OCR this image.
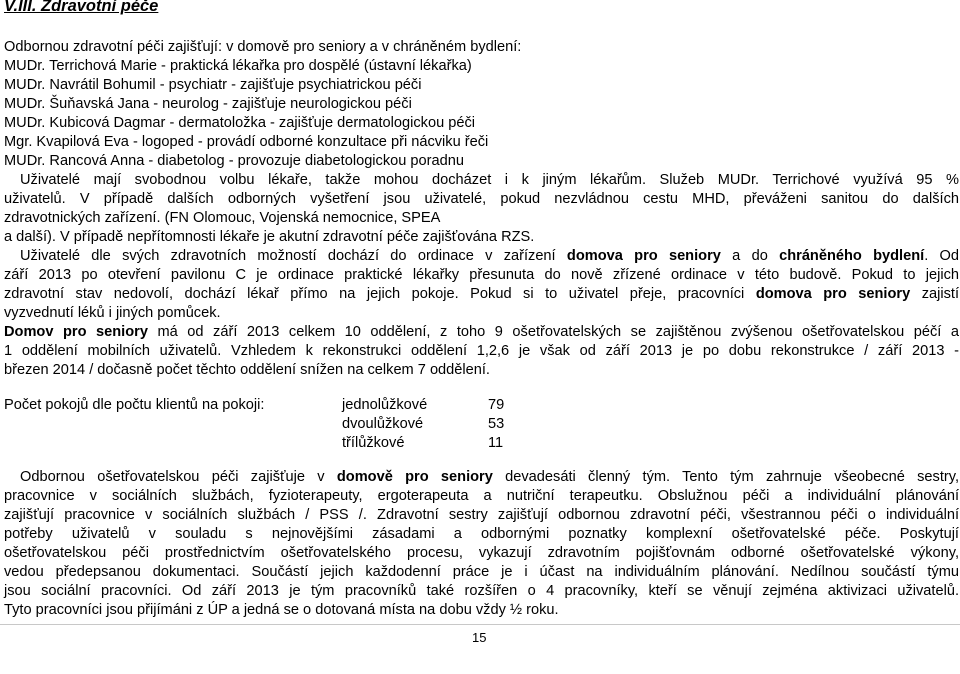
V.III. Zdravotní péče
Odbornou zdravotní péči zajišťují: v domově pro seniory a v chráněném bydlení:
MUDr. Terrichová Marie - praktická lékařka pro dospělé (ústavní lékařka)
MUDr. Navrátil Bohumil - psychiatr - zajišťuje psychiatrickou péči
MUDr. Šuňavská Jana - neurolog - zajišťuje neurologickou péči
MUDr. Kubicová Dagmar - dermatoložka - zajišťuje dermatologickou péči
Mgr. Kvapilová Eva - logoped - provádí odborné konzultace při nácviku řeči
MUDr. Rancová Anna - diabetolog - provozuje diabetologickou poradnu
Uživatelé mají svobodnou volbu lékaře, takže mohou docházet i k jiným lékařům. Služeb MUDr. Terrichové využívá 95 %
uživatelů. V případě dalších odborných vyšetření jsou uživatelé, pokud nezvládnou cestu MHD, převáženi sanitou do dalších
zdravotnických zařízení. (FN Olomouc, Vojenská nemocnice, SPEA
a další). V případě nepřítomnosti lékaře je akutní zdravotní péče zajišťována RZS.
Uživatelé dle svých zdravotních možností dochází do ordinace v zařízení domova pro seniory a do chráněného bydlení. Od
září 2013 po otevření pavilonu C je ordinace praktické lékařky přesunuta do nově zřízené ordinace v této budově. Pokud to jejich
zdravotní stav nedovolí, dochází lékař přímo na jejich pokoje. Pokud si to uživatel přeje, pracovníci domova pro seniory zajistí
vyzvednutí léků i jiných pomůcek.
Domov pro seniory má od září 2013 celkem 10 oddělení, z toho 9 ošetřovatelských se zajištěnou zvýšenou ošetřovatelskou péčí a
1 oddělení mobilních uživatelů. Vzhledem k rekonstrukci oddělení 1,2,6 je však od září 2013 je po dobu rekonstrukce / září 2013 -
březen 2014 / dočasně počet těchto oddělení snížen na celkem 7 oddělení.
Počet pokojů dle počtu klientů na pokoji:	jednolůžkové	79
dvoulůžkové	53
třílůžkové	11
Odbornou ošetřovatelskou péči zajišťuje v domově pro seniory devadesáti členný tým. Tento tým zahrnuje všeobecné sestry,
pracovnice v sociálních službách, fyzioterapeuty, ergoterapeuta a nutriční terapeutku. Obslužnou péči a individuální plánování
zajišťují pracovnice v sociálních službách / PSS /. Zdravotní sestry zajišťují odbornou zdravotní péči, všestrannou péči o individuální
potřeby uživatelů v souladu s nejnovějšími zásadami a odbornými poznatky komplexní ošetřovatelské péče. Poskytují
ošetřovatelskou péči prostřednictvím ošetřovatelského procesu, vykazují zdravotním pojišťovnám odborné ošetřovatelské výkony,
vedou předepsanou dokumentaci. Součástí jejich každodenní práce je i účast na individuálním plánování. Nedílnou součástí týmu
jsou sociální pracovníci. Od září 2013 je tým pracovníků také rozšířen o 4 pracovníky, kteří se věnují zejména aktivizaci uživatelů.
Tyto pracovníci jsou přijímáni z ÚP a jedná se o dotovaná místa na dobu vždy ½ roku.
15
